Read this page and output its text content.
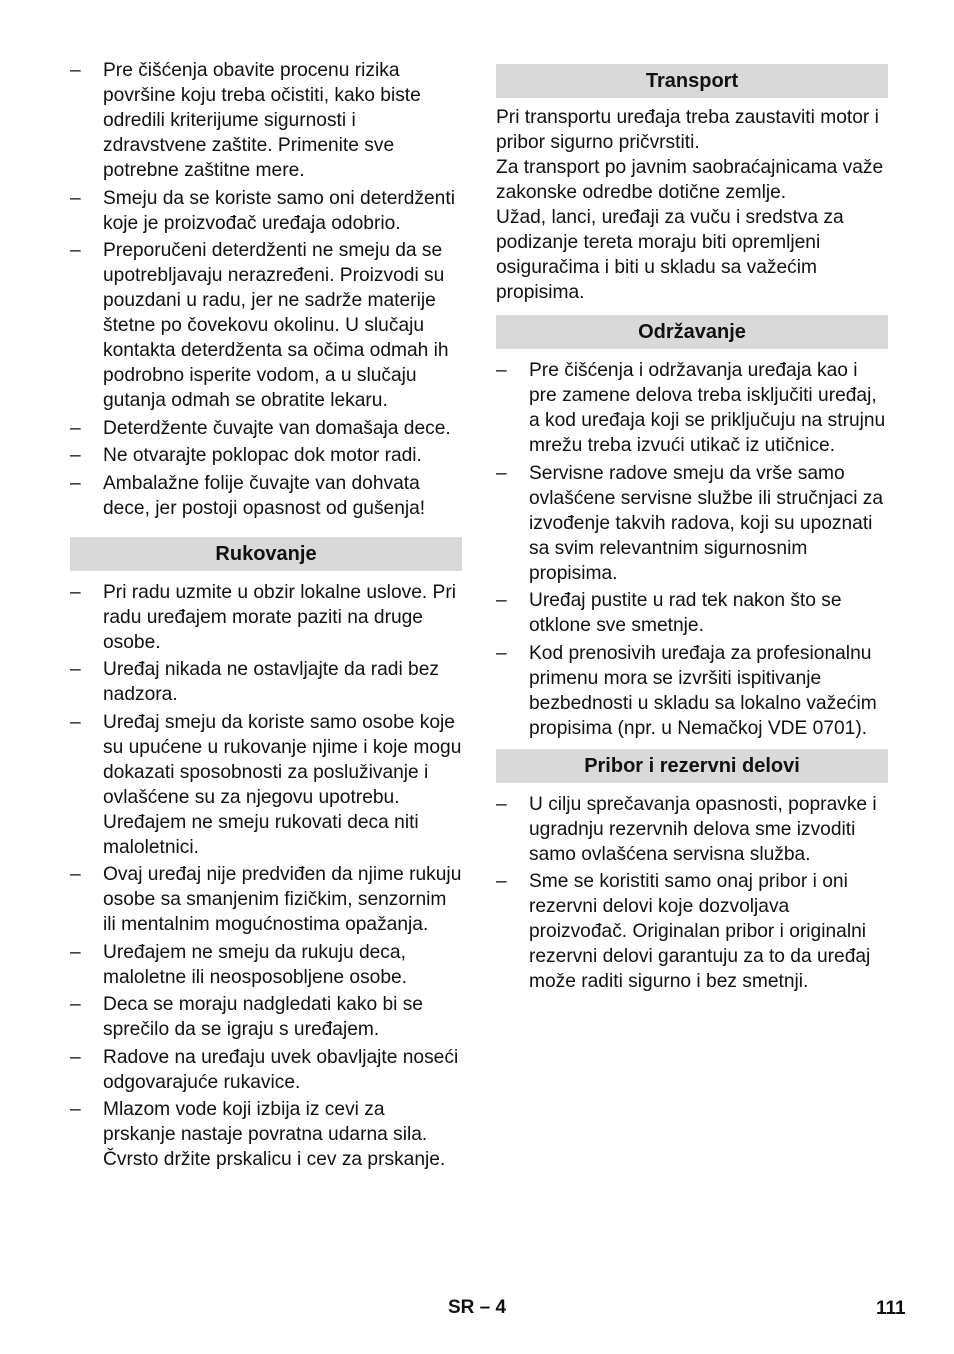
– Pre čišćenja obavite procenu rizika površine koju treba očistiti, kako biste odredili kriterijume sigurnosti i zdravstvene zaštite. Primenite sve potrebne zaštitne mere.
– Smeju da se koriste samo oni deterdženti koje je proizvođač uređaja odobrio.
– Preporučeni deterdženti ne smeju da se upotrebljavaju nerazređeni. Proizvodi su pouzdani u radu, jer ne sadrže materije štetne po čovekovu okolinu. U slučaju kontakta deterdženta sa očima odmah ih podrobno isperite vodom, a u slučaju gutanja odmah se obratite lekaru.
– Deterdžente čuvajte van domašaja dece.
– Ne otvarajte poklopac dok motor radi.
– Ambalažne folije čuvajte van dohvata dece, jer postoji opasnost od gušenja!
Rukovanje
– Pri radu uzmite u obzir lokalne uslove. Pri radu uređajem morate paziti na druge osobe.
– Uređaj nikada ne ostavljajte da radi bez nadzora.
– Uređaj smeju da koriste samo osobe koje su upućene u rukovanje njime i koje mogu dokazati sposobnosti za posluživanje i ovlašćene su za njegovu upotrebu. Uređajem ne smeju rukovati deca niti maloletnici.
– Ovaj uređaj nije predviđen da njime rukuju osobe sa smanjenim fizičkim, senzornim ili mentalnim mogućnostima opažanja.
– Uređajem ne smeju da rukuju deca, maloletne ili neosposobljene osobe.
– Deca se moraju nadgledati kako bi se sprečilo da se igraju s uređajem.
– Radove na uređaju uvek obavljajte noseći odgovarajuće rukavice.
– Mlazom vode koji izbija iz cevi za prskanje nastaje povratna udarna sila. Čvrsto držite prskalicu i cev za prskanje.
Transport

Pri transportu uređaja treba zaustaviti motor i pribor sigurno pričvrstiti.

Za transport po javnim saobraćajnicama važe zakonske odredbe dotične zemlje.

Užad, lanci, uređaji za vuču i sredstva za podizanje tereta moraju biti opremljeni osiguračima i biti u skladu sa važećim propisima.

Održavanje
– Pre čišćenja i održavanja uređaja kao i pre zamene delova treba isključiti uređaj, a kod uređaja koji se priključuju na strujnu mrežu treba izvući utikač iz utičnice.
– Servisne radove smeju da vrše samo ovlašćene servisne službe ili stručnjaci za izvođenje takvih radova, koji su upoznati sa svim relevantnim sigurnosnim propisima.
– Uređaj pustite u rad tek nakon što se otklone sve smetnje.
– Kod prenosivih uređaja za profesionalnu primenu mora se izvršiti ispitivanje bezbednosti u skladu sa lokalno važećim propisima (npr. u Nemačkoj VDE 0701).
Pribor i rezervni delovi
– U cilju sprečavanja opasnosti, popravke i ugradnju rezervnih delova sme izvoditi samo ovlašćena servisna služba.
– Sme se koristiti samo onaj pribor i oni rezervni delovi koje dozvoljava proizvođač. Originalan pribor i originalni rezervni delovi garantuju za to da uređaj može raditi sigurno i bez smetnji.
SR – 4	111
